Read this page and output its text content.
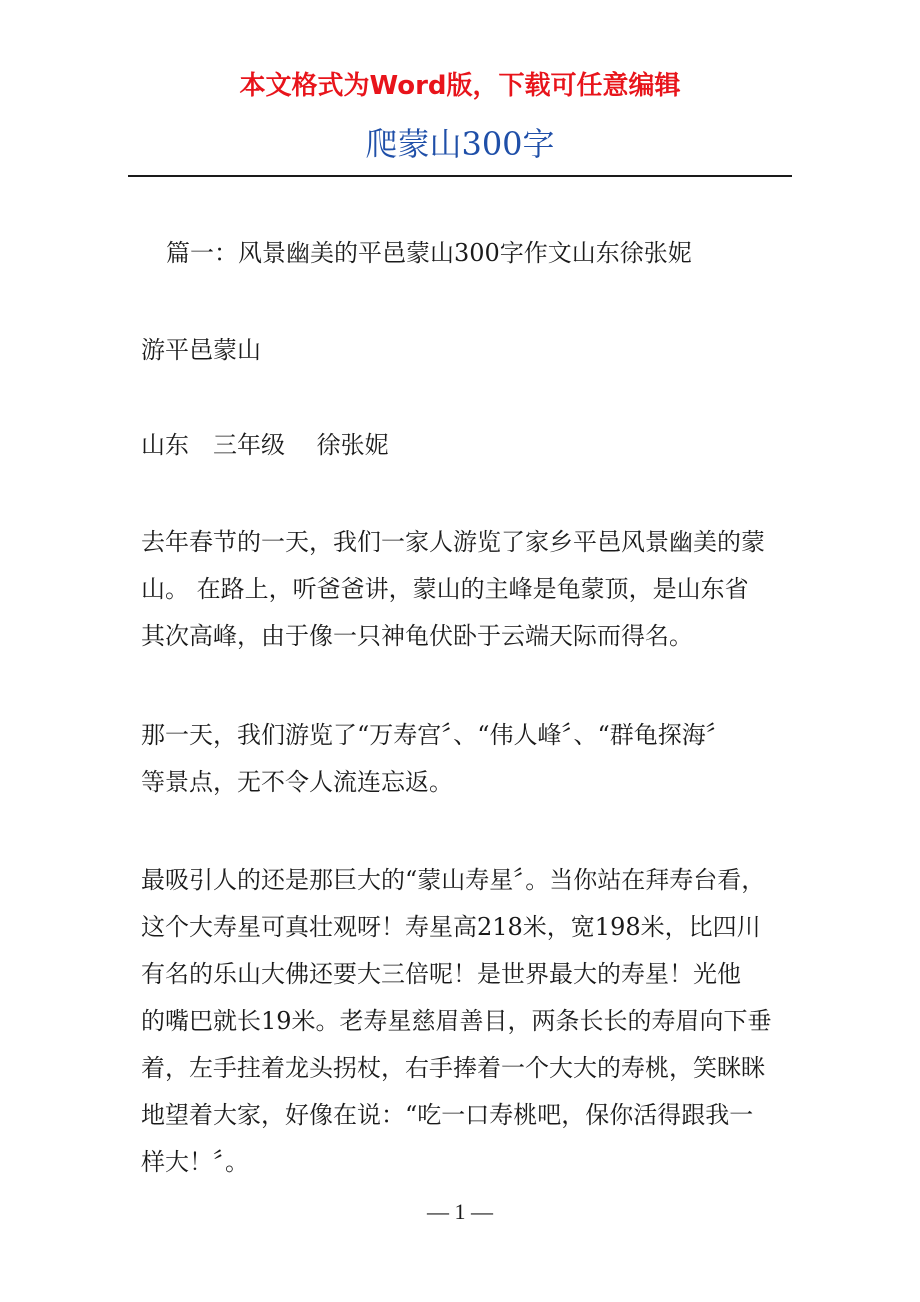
本文格式为Word版，下载可任意编辑
爬蒙山300字
篇一：风景幽美的平邑蒙山300字作文山东徐张妮
游平邑蒙山
山东　三年级　 徐张妮
去年春节的一天，我们一家人游览了家乡平邑风景幽美的蒙
山。 在路上，听爸爸讲，蒙山的主峰是龟蒙顶，是山东省
其次高峰，由于像一只神龟伏卧于云端天际而得名。
那一天，我们游览了“万寿宫〞、“伟人峰〞、“群龟探海〞
等景点，无不令人流连忘返。
最吸引人的还是那巨大的“蒙山寿星〞。当你站在拜寿台看，
这个大寿星可真壮观呀！寿星高218米，宽198米，比四川
有名的乐山大佛还要大三倍呢！是世界最大的寿星！光他
的嘴巴就长19米。老寿星慈眉善目，两条长长的寿眉向下垂
着，左手拄着龙头拐杖，右手捧着一个大大的寿桃，笑眯眯
地望着大家，好像在说：“吃一口寿桃吧，保你活得跟我一
样大！〞。
— 1 —
